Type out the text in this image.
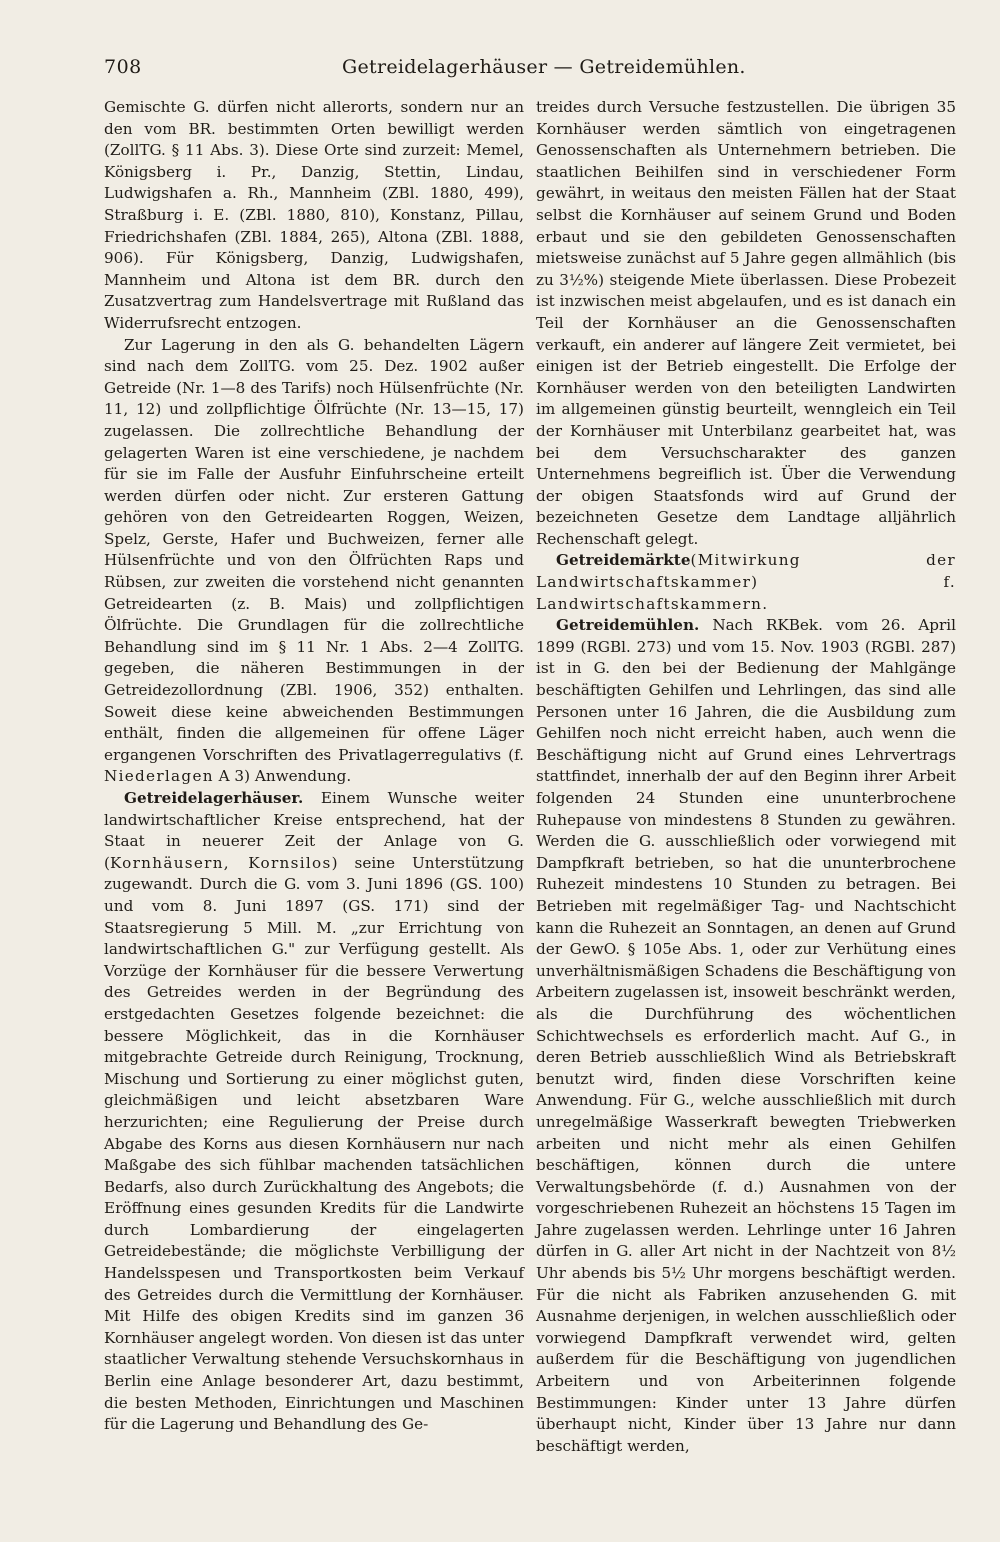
708	Getreidelagerhäuser — Getreidemühlen.

Gemischte G. dürfen nicht allerorts, sondern nur an den vom BR. bestimmten Orten bewilligt werden (ZollTG. § 11 Abs. 3). Diese Orte sind zurzeit: Memel, Königsberg i. Pr., Danzig, Stettin, Lindau, Ludwigshafen a. Rh., Mannheim (ZBl. 1880, 499), Straßburg i. E. (ZBl. 1880, 810), Konstanz, Pillau, Friedrichshafen (ZBl. 1884, 265), Altona (ZBl. 1888, 906). Für Königsberg, Danzig, Ludwigshafen, Mannheim und Altona ist dem BR. durch den Zusatzvertrag zum Handelsvertrage mit Rußland das Widerrufsrecht entzogen.

Zur Lagerung in den als G. behandelten Lägern sind nach dem ZollTG. vom 25. Dez. 1902 außer Getreide (Nr. 1—8 des Tarifs) noch Hülsenfrüchte (Nr. 11, 12) und zollpflichtige Ölfrüchte (Nr. 13—15, 17) zugelassen. Die zollrechtliche Behandlung der gelagerten Waren ist eine verschiedene, je nachdem für sie im Falle der Ausfuhr Einfuhrscheine erteilt werden dürfen oder nicht. Zur ersteren Gattung gehören von den Getreidearten Roggen, Weizen, Spelz, Gerste, Hafer und Buchweizen, ferner alle Hülsenfrüchte und von den Ölfrüchten Raps und Rübsen, zur zweiten die vorstehend nicht genannten Getreidearten (z. B. Mais) und zollpflichtigen Ölfrüchte. Die Grundlagen für die zollrechtliche Behandlung sind im § 11 Nr. 1 Abs. 2—4 ZollTG. gegeben, die näheren Bestimmungen in der Getreidezollordnung (ZBl. 1906, 352) enthalten. Soweit diese keine abweichenden Bestimmungen enthält, finden die allgemeinen für offene Läger ergangenen Vorschriften des Privatlagerregulativs (f. Niederlagen A 3) Anwendung.

Getreidelagerhäuser. Einem Wunsche weiter landwirtschaftlicher Kreise entsprechend, hat der Staat in neuerer Zeit der Anlage von G. (Kornhäusern, Kornsilos) seine Unterstützung zugewandt. Durch die G. vom 3. Juni 1896 (GS. 100) und vom 8. Juni 1897 (GS. 171) sind der Staatsregierung 5 Mill. M. „zur Errichtung von landwirtschaftlichen G." zur Verfügung gestellt. Als Vorzüge der Kornhäuser für die bessere Verwertung des Getreides werden in der Begründung des erstgedachten Gesetzes folgende bezeichnet: die bessere Möglichkeit, das in die Kornhäuser mitgebrachte Getreide durch Reinigung, Trocknung, Mischung und Sortierung zu einer möglichst guten, gleichmäßigen und leicht absetzbaren Ware herzurichten; eine Regulierung der Preise durch Abgabe des Korns aus diesen Kornhäusern nur nach Maßgabe des sich fühlbar machenden tatsächlichen Bedarfs, also durch Zurückhaltung des Angebots; die Eröffnung eines gesunden Kredits für die Landwirte durch Lombardierung der eingelagerten Getreidebestände; die möglichste Verbilligung der Handelsspesen und Transportkosten beim Verkauf des Getreides durch die Vermittlung der Kornhäuser. Mit Hilfe des obigen Kredits sind im ganzen 36 Kornhäuser angelegt worden. Von diesen ist das unter staatlicher Verwaltung stehende Versuchskornhaus in Berlin eine Anlage besonderer Art, dazu bestimmt, die besten Methoden, Einrichtungen und Maschinen für die Lagerung und Behandlung des Ge-

treides durch Versuche festzustellen. Die übrigen 35 Kornhäuser werden sämtlich von eingetragenen Genossenschaften als Unternehmern betrieben. Die staatlichen Beihilfen sind in verschiedener Form gewährt, in weitaus den meisten Fällen hat der Staat selbst die Kornhäuser auf seinem Grund und Boden erbaut und sie den gebildeten Genossenschaften mietsweise zunächst auf 5 Jahre gegen allmählich (bis zu 3½%) steigende Miete überlassen. Diese Probezeit ist inzwischen meist abgelaufen, und es ist danach ein Teil der Kornhäuser an die Genossenschaften verkauft, ein anderer auf längere Zeit vermietet, bei einigen ist der Betrieb eingestellt. Die Erfolge der Kornhäuser werden von den beteiligten Landwirten im allgemeinen günstig beurteilt, wenngleich ein Teil der Kornhäuser mit Unterbilanz gearbeitet hat, was bei dem Versuchscharakter des ganzen Unternehmens begreiflich ist. Über die Verwendung der obigen Staatsfonds wird auf Grund der bezeichneten Gesetze dem Landtage alljährlich Rechenschaft gelegt.

Getreidemärkte(Mitwirkung der Landwirtschaftskammer) f. Landwirtschaftskammern.

Getreidemühlen. Nach RKBek. vom 26. April 1899 (RGBl. 273) und vom 15. Nov. 1903 (RGBl. 287) ist in G. den bei der Bedienung der Mahlgänge beschäftigten Gehilfen und Lehrlingen, das sind alle Personen unter 16 Jahren, die die Ausbildung zum Gehilfen noch nicht erreicht haben, auch wenn die Beschäftigung nicht auf Grund eines Lehrvertrags stattfindet, innerhalb der auf den Beginn ihrer Arbeit folgenden 24 Stunden eine ununterbrochene Ruhepause von mindestens 8 Stunden zu gewähren. Werden die G. ausschließlich oder vorwiegend mit Dampfkraft betrieben, so hat die ununterbrochene Ruhezeit mindestens 10 Stunden zu betragen. Bei Betrieben mit regelmäßiger Tag- und Nachtschicht kann die Ruhezeit an Sonntagen, an denen auf Grund der GewO. § 105e Abs. 1, oder zur Verhütung eines unverhältnismäßigen Schadens die Beschäftigung von Arbeitern zugelassen ist, insoweit beschränkt werden, als die Durchführung des wöchentlichen Schichtwechsels es erforderlich macht. Auf G., in deren Betrieb ausschließlich Wind als Betriebskraft benutzt wird, finden diese Vorschriften keine Anwendung. Für G., welche ausschließlich mit durch unregelmäßige Wasserkraft bewegten Triebwerken arbeiten und nicht mehr als einen Gehilfen beschäftigen, können durch die untere Verwaltungsbehörde (f. d.) Ausnahmen von der vorgeschriebenen Ruhezeit an höchstens 15 Tagen im Jahre zugelassen werden. Lehrlinge unter 16 Jahren dürfen in G. aller Art nicht in der Nachtzeit von 8½ Uhr abends bis 5½ Uhr morgens beschäftigt werden. Für die nicht als Fabriken anzusehenden G. mit Ausnahme derjenigen, in welchen ausschließlich oder vorwiegend Dampfkraft verwendet wird, gelten außerdem für die Beschäftigung von jugendlichen Arbeitern und von Arbeiterinnen folgende Bestimmungen: Kinder unter 13 Jahre dürfen überhaupt nicht, Kinder über 13 Jahre nur dann beschäftigt werden,
